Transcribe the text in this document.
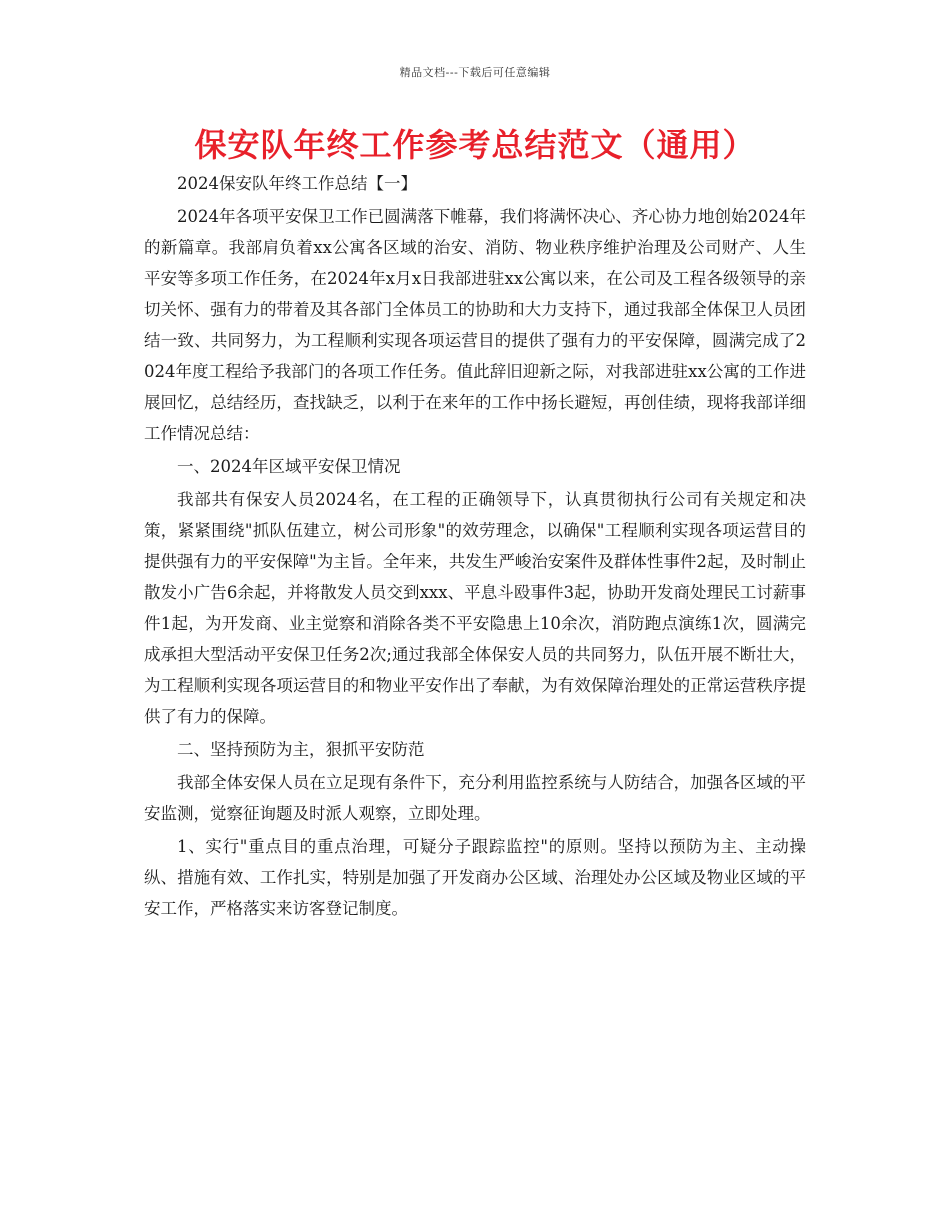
精品文档---下载后可任意编辑
保安队年终工作参考总结范文（通用）

2024保安队年终工作总结【一】

2024年各项平安保卫工作已圆满落下帷幕，我们将满怀决心、齐心协力地创始2024年的新篇章。我部肩负着xx公寓各区域的治安、消防、物业秩序维护治理及公司财产、人生平安等多项工作任务，在2024年x月x日我部进驻xx公寓以来，在公司及工程各级领导的亲切关怀、强有力的带着及其各部门全体员工的协助和大力支持下，通过我部全体保卫人员团结一致、共同努力，为工程顺利实现各项运营目的提供了强有力的平安保障，圆满完成了2024年度工程给予我部门的各项工作任务。值此辞旧迎新之际，对我部进驻xx公寓的工作进展回忆，总结经历，查找缺乏，以利于在来年的工作中扬长避短，再创佳绩，现将我部详细工作情况总结：

一、2024年区域平安保卫情况

我部共有保安人员2024名，在工程的正确领导下，认真贯彻执行公司有关规定和决策，紧紧围绕"抓队伍建立，树公司形象"的效劳理念，以确保"工程顺利实现各项运营目的提供强有力的平安保障"为主旨。全年来，共发生严峻治安案件及群体性事件2起，及时制止散发小广告6余起，并将散发人员交到xxx、平息斗殴事件3起，协助开发商处理民工讨薪事件1起，为开发商、业主觉察和消除各类不平安隐患上10余次，消防跑点演练1次，圆满完成承担大型活动平安保卫任务2次;通过我部全体保安人员的共同努力，队伍开展不断壮大，为工程顺利实现各项运营目的和物业平安作出了奉献，为有效保障治理处的正常运营秩序提供了有力的保障。

二、坚持预防为主，狠抓平安防范

我部全体安保人员在立足现有条件下，充分利用监控系统与人防结合，加强各区域的平安监测，觉察征询题及时派人观察，立即处理。

1、实行"重点目的重点治理，可疑分子跟踪监控"的原则。坚持以预防为主、主动操纵、措施有效、工作扎实，特别是加强了开发商办公区域、治理处办公区域及物业区域的平安工作，严格落实来访客登记制度。
